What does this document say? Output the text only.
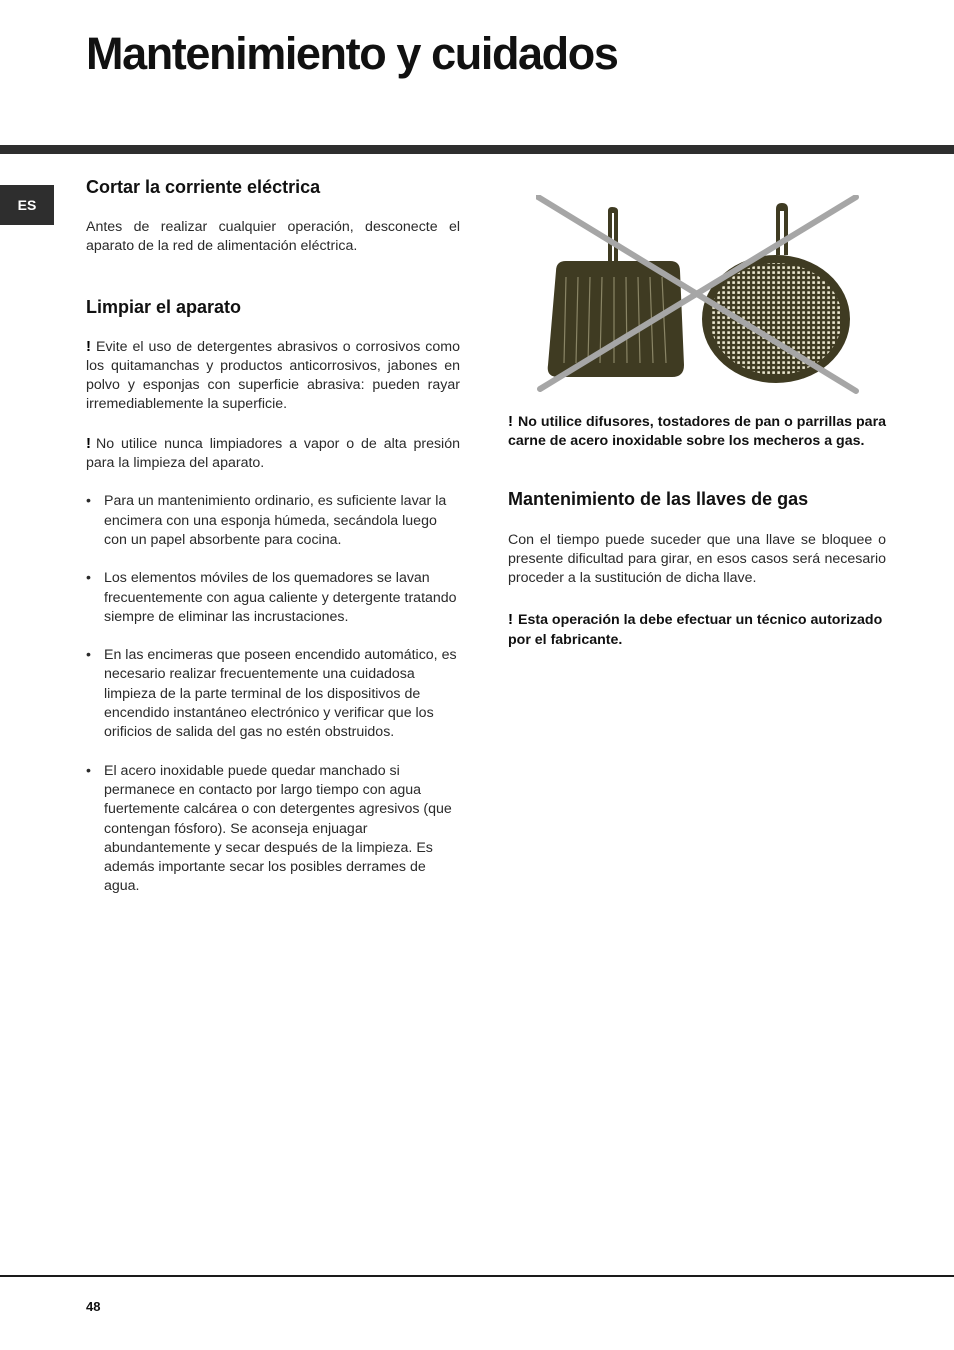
Mantenimiento y cuidados
ES
Cortar la corriente eléctrica

Antes de realizar cualquier operación, desconecte el aparato de la red de alimentación eléctrica.

Limpiar el aparato

! Evite el uso de detergentes abrasivos o corrosivos como los quitamanchas y productos anticorrosivos, jabones en polvo y esponjas con superficie abrasiva: pueden rayar irremediablemente la superficie.

! No utilice nunca limpiadores a vapor o de alta presión para la limpieza del aparato.

• Para un mantenimiento ordinario, es suficiente lavar la encimera con una esponja húmeda, secándola luego con un papel absorbente para cocina.
• Los elementos móviles de los quemadores se lavan frecuentemente con agua caliente y detergente tratando siempre de eliminar las incrustaciones.
• En las encimeras que poseen encendido automático, es necesario realizar frecuentemente una cuidadosa limpieza de la parte terminal de los dispositivos de encendido instantáneo electrónico y verificar que los orificios de salida del gas no estén obstruidos.
• El acero inoxidable puede quedar manchado si permanece en contacto por largo tiempo con agua fuertemente calcárea o con detergentes agresivos (que contengan fósforo). Se aconseja enjuagar abundantemente y secar después de la limpieza. Es además importante secar los posibles derrames de agua.

! No utilice difusores, tostadores de pan o parrillas para carne de acero inoxidable sobre los mecheros a gas.

Mantenimiento de las llaves de gas

Con el tiempo puede suceder que una llave se bloquee o presente dificultad para girar, en esos casos será necesario proceder a la sustitución de dicha llave.

! Esta operación la debe efectuar un técnico autorizado por el fabricante.

48
